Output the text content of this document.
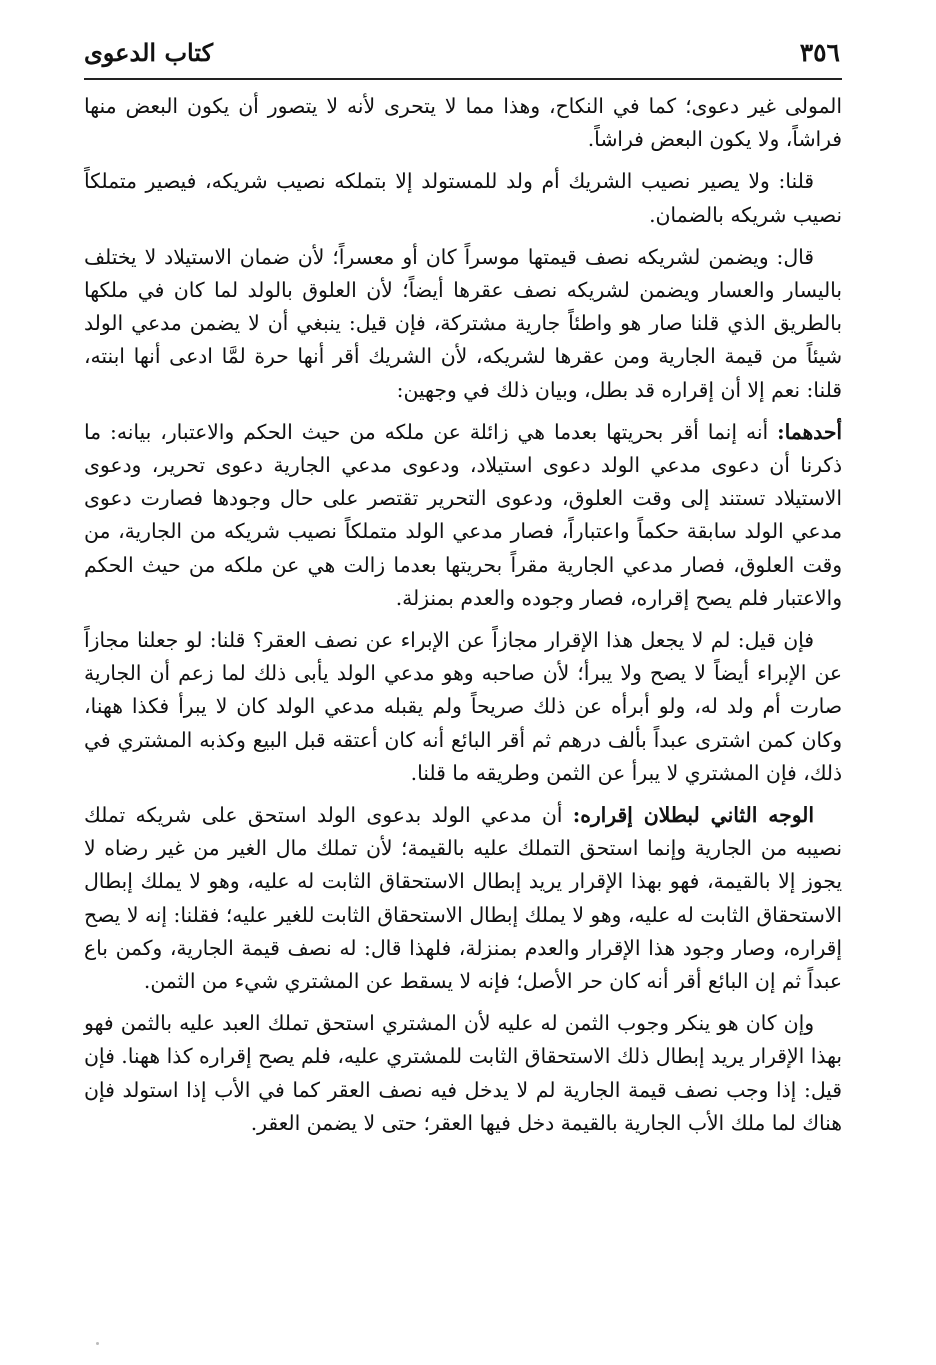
كتاب الدعوى	٣٥٦

المولى غير دعوى؛ كما في النكاح، وهذا مما لا يتحرى لأنه لا يتصور أن يكون البعض منها فراشاً، ولا يكون البعض فراشاً.

قلنا: ولا يصير نصيب الشريك أم ولد للمستولد إلا بتملكه نصيب شريكه، فيصير متملكاً نصيب شريكه بالضمان.

قال: ويضمن لشريكه نصف قيمتها موسراً كان أو معسراً؛ لأن ضمان الاستيلاد لا يختلف باليسار والعسار ويضمن لشريكه نصف عقرها أيضاً؛ لأن العلوق بالولد لما كان في ملكها بالطريق الذي قلنا صار هو واطئاً جارية مشتركة، فإن قيل: ينبغي أن لا يضمن مدعي الولد شيئاً من قيمة الجارية ومن عقرها لشريكه، لأن الشريك أقر أنها حرة لمَّا ادعى أنها ابنته، قلنا: نعم إلا أن إقراره قد بطل، وبيان ذلك في وجهين:

أحدهما: أنه إنما أقر بحريتها بعدما هي زائلة عن ملكه من حيث الحكم والاعتبار، بيانه: ما ذكرنا أن دعوى مدعي الولد دعوى استيلاد، ودعوى مدعي الجارية دعوى تحرير، ودعوى الاستيلاد تستند إلى وقت العلوق، ودعوى التحرير تقتصر على حال وجودها فصارت دعوى مدعي الولد سابقة حكماً واعتباراً، فصار مدعي الولد متملكاً نصيب شريكه من الجارية، من وقت العلوق، فصار مدعي الجارية مقراً بحريتها بعدما زالت هي عن ملكه من حيث الحكم والاعتبار فلم يصح إقراره، فصار وجوده والعدم بمنزلة.

فإن قيل: لم لا يجعل هذا الإقرار مجازاً عن الإبراء عن نصف العقر؟ قلنا: لو جعلنا مجازاً عن الإبراء أيضاً لا يصح ولا يبرأ؛ لأن صاحبه وهو مدعي الولد يأبى ذلك لما زعم أن الجارية صارت أم ولد له، ولو أبرأه عن ذلك صريحاً ولم يقبله مدعي الولد كان لا يبرأ فكذا ههنا، وكان كمن اشترى عبداً بألف درهم ثم أقر البائع أنه كان أعتقه قبل البيع وكذبه المشتري في ذلك، فإن المشتري لا يبرأ عن الثمن وطريقه ما قلنا.

الوجه الثاني لبطلان إقراره: أن مدعي الولد بدعوى الولد استحق على شريكه تملك نصيبه من الجارية وإنما استحق التملك عليه بالقيمة؛ لأن تملك مال الغير من غير رضاه لا يجوز إلا بالقيمة، فهو بهذا الإقرار يريد إبطال الاستحقاق الثابت له عليه، وهو لا يملك إبطال الاستحقاق الثابت له عليه، وهو لا يملك إبطال الاستحقاق الثابت للغير عليه؛ فقلنا: إنه لا يصح إقراره، وصار وجود هذا الإقرار والعدم بمنزلة، فلهذا قال: له نصف قيمة الجارية، وكمن باع عبداً ثم إن البائع أقر أنه كان حر الأصل؛ فإنه لا يسقط عن المشتري شيء من الثمن.

وإن كان هو ينكر وجوب الثمن له عليه لأن المشتري استحق تملك العبد عليه بالثمن فهو بهذا الإقرار يريد إبطال ذلك الاستحقاق الثابت للمشتري عليه، فلم يصح إقراره كذا ههنا. فإن قيل: إذا وجب نصف قيمة الجارية لم لا يدخل فيه نصف العقر كما في الأب إذا استولد فإن هناك لما ملك الأب الجارية بالقيمة دخل فيها العقر؛ حتى لا يضمن العقر.
